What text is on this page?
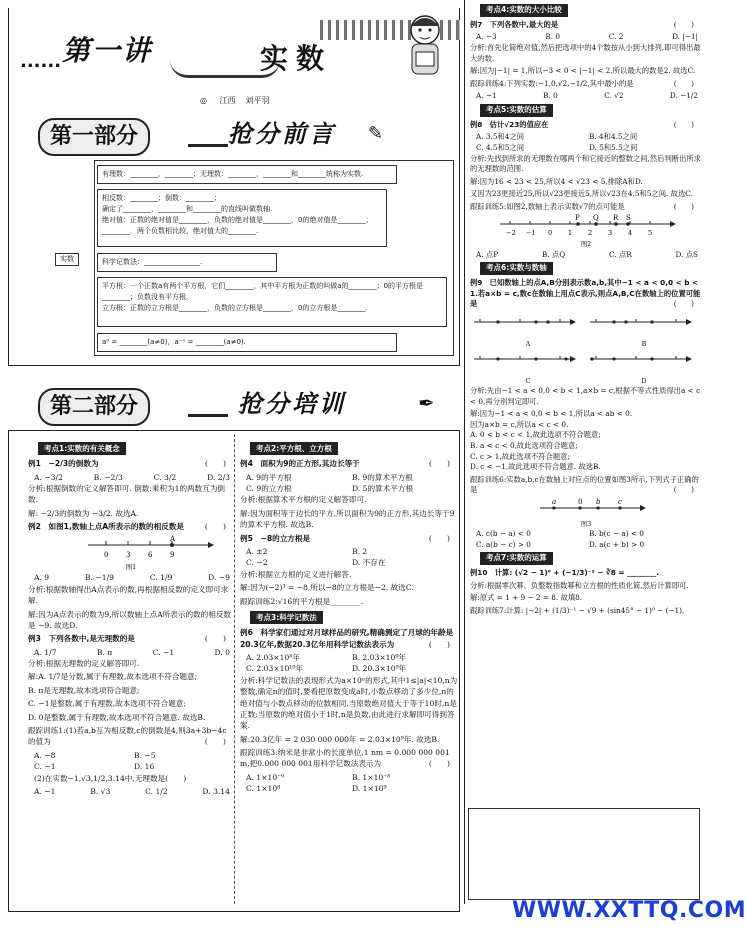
...... 第一讲	实数
◎ 江西 刘平羽
第一部分	抢分前言 ✎
实数
有理数：________，________；无理数：________，________和________统称为实数.
相反数：________；倒数：________；
确定了________、________和________的直线叫做数轴.
绝对值：正数的绝对值是________，负数的绝对值是________，0的绝对值是________；
________．两个负数相比较，绝对值大的________.
科学记数法：________________.
平方根：一个正数a有两个平方根，它们________，其中平方根为正数的叫做a的________；0的平方根是________；负数没有平方根.
立方根：正数的立方根是________，负数的立方根是________，0的立方根是________.
a⁰ = ________(a≠0)，a⁻ⁿ = ________(a≠0).
第二部分	抢分培训	✒
考点1:实数的有关概念

例1　−2/3的倒数为	(　　)

A. −3/2	B. −2/3	C. 3/2	D. 2/3

分析:根据倒数的定义解答即可. 倒数:乘积为1的两数互为倒数.

解: −2/3的倒数为 −3/2. 故选A.

例2　如图1,数轴上点A所表示的数的相反数是	(　　)

A
0	3	6	9
图1
A. 9	B. −1/9	C. 1/9	D. −9

分析:根据数轴得出A点表示的数,再根据相反数的定义即可求解.

解:因为A点表示的数为9,所以数轴上点A所表示的数的相反数是 −9. 故选D.

例3　下列各数中,是无理数的是	(　　)

A. 1/7	B. π	C. −1	D. 0

分析:根据无理数的定义解答即可.

解:A. 1/7是分数,属于有理数,故本选项不符合题意;

B. π是无理数,故本选项符合题意;

C. −1是整数,属于有理数,故本选项不符合题意;

D. 0是整数,属于有理数,故本选项不符合题意. 故选B.

跟踪训练1:(1)若a,b互为相反数,c的倒数是4,则3a+3b−4c的值为	(　　)

A. −8	B. −5
C. −1	D. 16

(2)在实数−1,√3,1/2,3.14中,无理数是(　　)

A. −1	B. √3	C. 1/2	D. 3.14
考点2:平方根、立方根

例4　面积为9的正方形,其边长等于	(　　)

A. 9的平方根	B. 9的算术平方根
C. 9的立方根	D. 5的算术平方根

分析:根据算术平方根的定义解答即可.

解:因为面积等于边长的平方,所以面积为9的正方形,其边长等于9的算术平方根. 故选B.

例5　−8的立方根是	(　　)

A. ±2	B. 2
C. −2	D. 不存在

分析:根据立方根的定义进行解答.

解:因为(−2)³ = −8,所以−8的立方根是−2. 故选C.

跟踪训练2:√16的平方根是________.

考点3:科学记数法

例6　科学家们通过对月球样品的研究,精确测定了月球的年龄是20.3亿年,数据20.3亿年用科学记数法表示为	(　　)

A. 2.03×10⁸年	B. 2.03×10⁹年
C. 2.03×10¹⁰年	D. 20.3×10⁹年

分析:科学记数法的表现形式为a×10ⁿ的形式,其中1≤|a|<10,n为整数,确定n的值时,要看把原数变成a时,小数点移动了多少位,n的绝对值与小数点移动的位数相同,当原数绝对值大于等于10时,n是正数;当原数的绝对值小于1时,n是负数,由此进行求解即可得到答案.

解:20.3亿年 = 2 030 000 000年 = 2.03×10⁹年. 故选B.

跟踪训练3:纳米是非常小的长度单位,1 nm = 0.000 000 001 m,把0.000 000 001用科学记数法表示为	(　　)

A. 1×10⁻⁹	B. 1×10⁻⁸
C. 1×10⁸	D. 1×10⁹
考点4:实数的大小比较

例7　下列各数中,最大的是	(　　)

A. −3	B. 0	C. 2	D. |−1|

分析:首先化简绝对值,然后把选项中的4个数按从小到大排列,即可得出最大的数.

解:因为|−1| = 1,所以−3 < 0 < |−1| < 2,所以最大的数是2. 故选C.

跟踪训练4:下列实数:−1,0,√2,−1/2,其中最小的是	(　　)

A. −1	B. 0	C. √2	D. −1/2
考点5:实数的估算

例8　估计√23的值应在	(　　)

A. 3.5和4之间	B. 4和4.5之间
C. 4.5和5之间	D. 5和5.5之间

分析:先找到所求的无理数在哪两个和它接近的整数之间,然后判断出所求的无理数的范围.

解:因为16 < 23 < 25,所以4 < √23 < 5,排除A和D.

又因为23更接近25,所以√23更接近5,所以√23在4.5和5之间. 故选C.

跟踪训练5:如图2,数轴上表示实数√7的点可能是	(　　)

P Q R S
−2 −1 0 1 2 3 4 5
图2
A. 点P	B. 点Q	C. 点R	D. 点S
考点6:实数与数轴

例9　已知数轴上的点A,B分别表示数a,b,其中−1 < a < 0,0 < b < 1.若a×b = c,数c在数轴上用点C表示,则点A,B,C在数轴上的位置可能是	(　　)

A	B
C	D

分析:先由−1 < a < 0,0 < b < 1,a×b = c,根据不等式性质得出a < c < 0,再分别判定即可.

解:因为−1 < a < 0,0 < b < 1,所以a < ab < 0.

因为a×b = c,所以a < c < 0.

A. 0 < b < c < 1,故此选项不符合题意;

B. a < c < 0,故此选项符合题意;

C. c > 1,故此选项不符合题意;

D. c < −1,故此选项不符合题意. 故选B.

跟踪训练6:实数a,b,c在数轴上对应点的位置如图3所示,下列式子正确的是	(　　)

a	0 b	c
图3
A. c(b − a) < 0	B. b(c − a) < 0
C. a(b − c) > 0	D. a(c + b) > 0
考点7:实数的运算

例10　计算: (√2 − 1)⁰ + (−1/3)⁻² − ∛8 = ________.

分析:根据零次幂、负整数指数幂和立方根的性质化简,然后计算即可.

解:原式 = 1 + 9 − 2 = 8. 故填8.

跟踪训练7:计算: |−2| + (1/3)⁻¹ − √9 + (sin45° − 1)⁰ − (−1).

WWW.XXTTQ.COM
